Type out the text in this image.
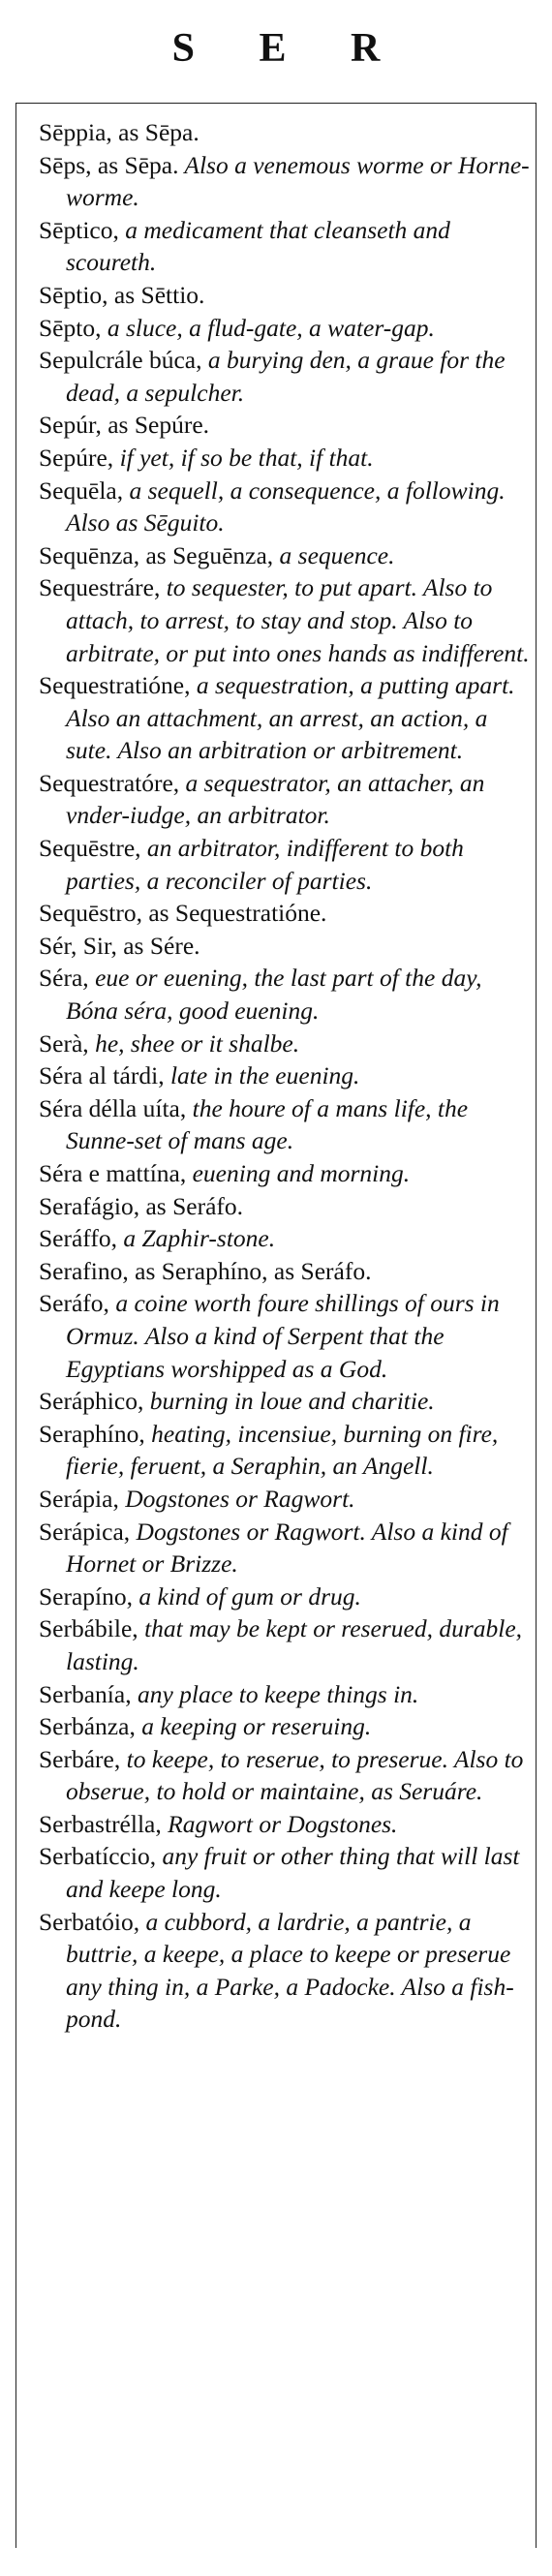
S E R

Sēppia, as Sēpa.

Sēps, as Sēpa. Also a venemous worme or Horne-worme.

Sēptico, a medicament that cleanseth and scoureth.

Sēptio, as Sēttio.

Sēpto, a sluce, a flud-gate, a water-gap.

Sepulcrále búca, a burying den, a graue for the dead, a sepulcher.

Sepúr, as Sepúre.

Sepúre, if yet, if so be that, if that.

Sequēla, a sequell, a consequence, a following. Also as Sēguito.

Sequēnza, as Seguēnza, a sequence.

Sequestráre, to sequester, to put apart. Also to attach, to arrest, to stay and stop. Also to arbitrate, or put into ones hands as indifferent.

Sequestratióne, a sequestration, a putting apart. Also an attachment, an arrest, an action, a sute. Also an arbitration or arbitrement.

Sequestratóre, a sequestrator, an attacher, an vnder-iudge, an arbitrator.

Sequēstre, an arbitrator, indifferent to both parties, a reconciler of parties.

Sequēstro, as Sequestratióne.

Sér, Sir, as Sére.

Séra, eue or euening, the last part of the day, Bóna séra, good euening.

Serà, he, shee or it shalbe.

Séra al tárdi, late in the euening.

Séra délla uíta, the houre of a mans life, the Sunne-set of mans age.

Séra e mattína, euening and morning.

Serafágio, as Seráfo.

Seráffo, a Zaphir-stone.

Serafino, as Seraphíno, as Seráfo.

Seráfo, a coine worth foure shillings of ours in Ormuz. Also a kind of Serpent that the Egyptians worshipped as a God.

Seráphico, burning in loue and charitie.

Seraphíno, heating, incensiue, burning on fire, fierie, feruent, a Seraphin, an Angell.

Serápia, Dogstones or Ragwort.

Serápica, Dogstones or Ragwort. Also a kind of Hornet or Brizze.

Serapíno, a kind of gum or drug.

Serbábile, that may be kept or reserued, durable, lasting.

Serbanía, any place to keepe things in.

Serbánza, a keeping or reseruing.

Serbáre, to keepe, to reserue, to preserue. Also to obserue, to hold or maintaine, as Seruáre.

Serbastrélla, Ragwort or Dogstones.

Serbatíccio, any fruit or other thing that will last and keepe long.

Serbatóio, a cubbord, a lardrie, a pantrie, a buttrie, a keepe, a place to keepe or preserue any thing in, a Parke, a Padocke. Also a fish-pond.
